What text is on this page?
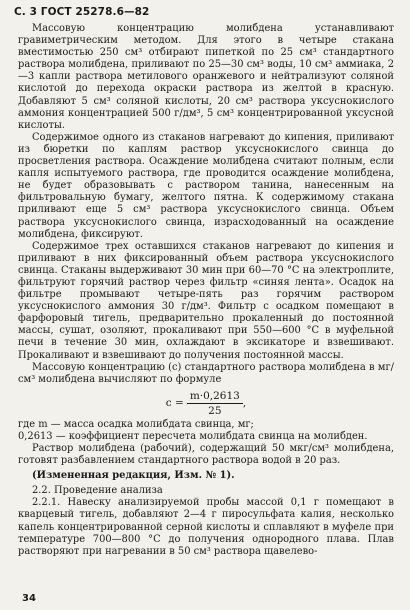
С. 3 ГОСТ 25278.6—82

Массовую концентрацию молибдена устанавливают гравиметрическим методом. Для этого в четыре стакана вместимостью 250 см³ отбирают пипеткой по 25 см³ стандартного раствора молибдена, приливают по 25—30 см³ воды, 10 см³ аммиака, 2—3 капли раствора метилового оранжевого и нейтрализуют соляной кислотой до перехода окраски раствора из желтой в красную. Добавляют 5 см³ соляной кислоты, 20 см³ раствора уксуснокислого аммония концентрацией 500 г/дм³, 5 см³ концентрированной уксусной кислоты.

Содержимое одного из стаканов нагревают до кипения, приливают из бюретки по каплям раствор уксуснокислого свинца до просветления раствора. Осаждение молибдена считают полным, если капля испытуемого раствора, где проводится осаждение молибдена, не будет образовывать с раствором танина, нанесенным на фильтровальную бумагу, желтого пятна. К содержимому стакана приливают еще 5 см³ раствора уксуснокислого свинца. Объем раствора уксуснокислого свинца, израсходованный на осаждение молибдена, фиксируют.

Содержимое трех оставшихся стаканов нагревают до кипения и приливают в них фиксированный объем раствора уксуснокислого свинца. Стаканы выдерживают 30 мин при 60—70 °С на электроплите, фильтруют горячий раствор через фильтр «синяя лента». Осадок на фильтре промывают четыре-пять раз горячим раствором уксуснокислого аммония 30 г/дм³. Фильтр с осадком помещают в фарфоровый тигель, предварительно прокаленный до постоянной массы, сушат, озоляют, прокаливают при 550—600 °С в муфельной печи в течение 30 мин, охлаждают в эксикаторе и взвешивают. Прокаливают и взвешивают до получения постоянной массы.

Массовую концентрацию (c) стандартного раствора молибдена в мг/см³ молибдена вычисляют по формуле

$c = \frac{m\cdot 0,2613}{25}$ ,

где m — масса осадка молибдата свинца, мг;

0,2613 — коэффициент пересчета молибдата свинца на молибден.

Раствор молибдена (рабочий), содержащий 50 мкг/см³ молибдена, готовят разбавлением стандартного раствора водой в 20 раз.

(Измененная редакция, Изм. № 1).

2.2. Проведение анализа

2.2.1. Навеску анализируемой пробы массой 0,1 г помещают в кварцевый тигель, добавляют 2—4 г пиросульфата калия, несколько капель концентрированной серной кислоты и сплавляют в муфеле при температуре 700—800 °С до получения однородного плава. Плав растворяют при нагревании в 50 см³ раствора щавелево-

34
